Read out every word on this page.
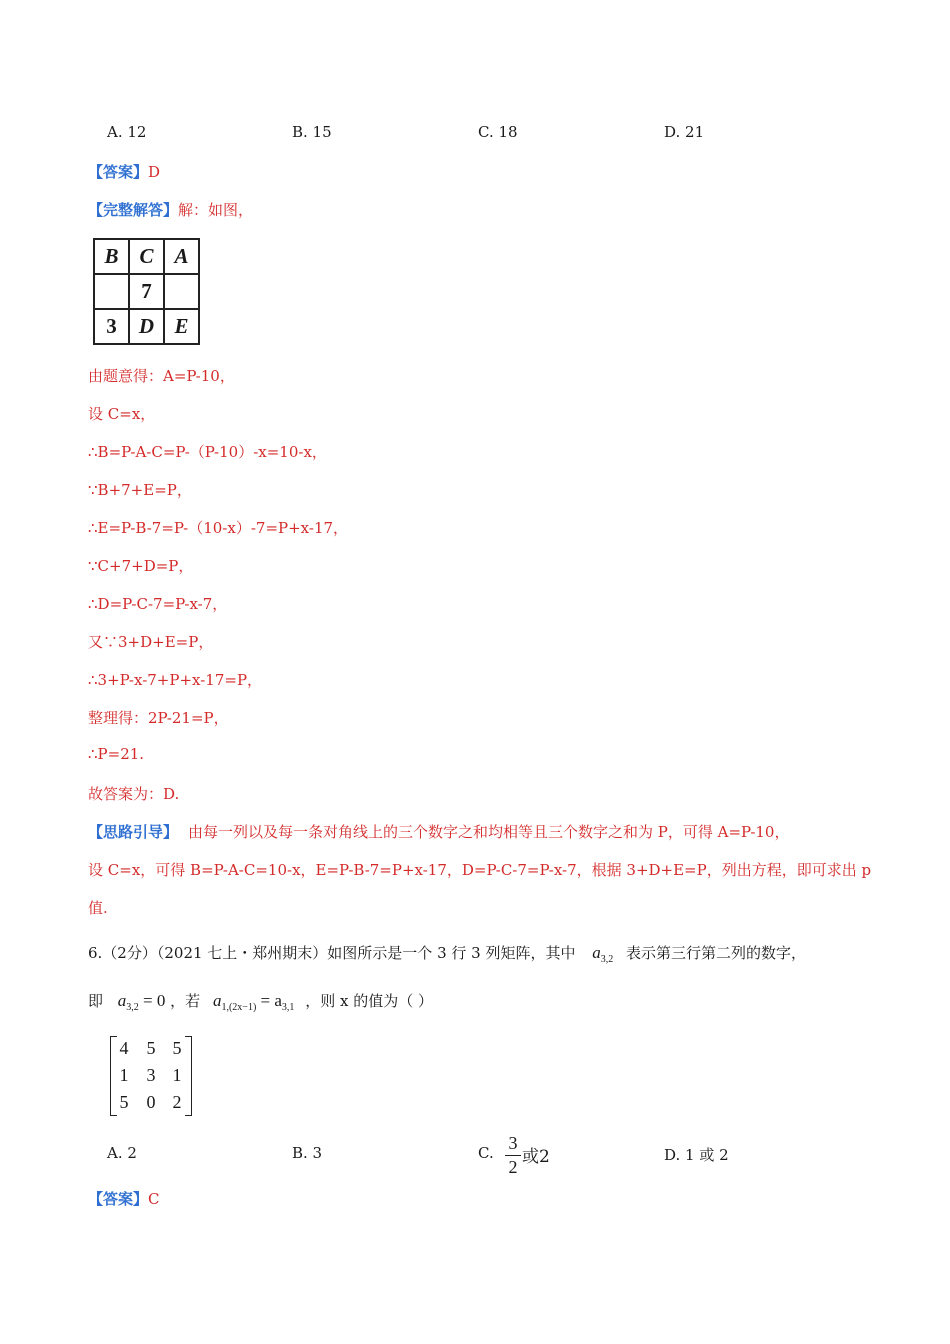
A. 12	B. 15	C. 18	D. 21
【答案】D
【完整解答】解：如图，
B	C	A
	7	
3	D	E
由题意得：A=P-10，
设 C=x，
∴B=P-A-C=P-（P-10）-x=10-x，
∵B+7+E=P，
∴E=P-B-7=P-（10-x）-7=P+x-17，
∵C+7+D=P，
∴D=P-C-7=P-x-7，
又∵3+D+E=P，
∴3+P-x-7+P+x-17=P，
整理得：2P-21=P，
∴P=21.
故答案为：D.
【思路引导】 由每一列以及每一条对角线上的三个数字之和均相等且三个数字之和为 P，可得 A=P-10，
设 C=x，可得 B=P-A-C=10-x，E=P-B-7=P+x-17，D=P-C-7=P-x-7，根据 3+D+E=P，列出方程，即可求出 p
值.
6.（2分）（2021 七上・郑州期末）如图所示是一个 3 行 3 列矩阵，其中 $a_{3,2}$ 表示第三行第二列的数字，
即 $a_{3,2} = 0$ ，若 $a_{1,(2x-1)} = a_{3,1}$ ，则 x 的值为（ ）
4	5 5
1	3 1
5	0 2
A. 2	B. 3	C. 3
2 或2	D. 1 或 2
【答案】C
